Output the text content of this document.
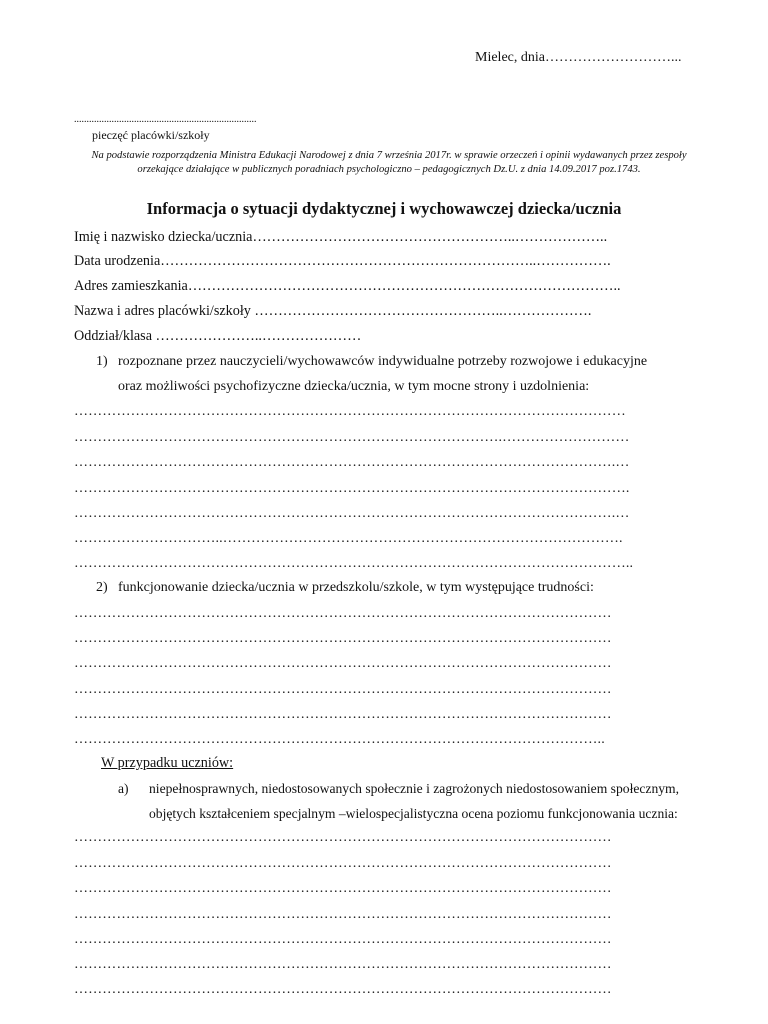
Mielec, dnia………………………...
.........................................................................
pieczęć placówki/szkoły
Na podstawie rozporządzenia Ministra Edukacji Narodowej z dnia 7 września 2017r. w sprawie orzeczeń i opinii wydawanych przez zespoły orzekające działające w publicznych poradniach psychologiczno – pedagogicznych Dz.U. z dnia 14.09.2017 poz.1743.
Informacja o sytuacji dydaktycznej i wychowawczej dziecka/ucznia
Imię i nazwisko dziecka/ucznia………………………………………………..………………..
Data urodzenia……………………………………………………………………..…………….
Adres zamieszkania………………………………………………………………………………..
Nazwa i adres placówki/szkoły ……………………………………………..……………….
Oddział/klasa …………………..…………………
1) rozpoznane przez nauczycieli/wychowawców indywidualne potrzeby rozwojowe i edukacyjne
oraz możliwości psychofizyczne dziecka/ucznia, w tym mocne strony i uzdolnienia:
………………………………………………………………………………………………………
……………………………………………………………………………….………………………
…………………………………………………………………………………………………….…
……………………………………………………………………………………………………….
…………………………………………………………………………………………………….…
…………………………..………………………………………………………………………….
………………………………………………………………………………………………………..
2) funkcjonowanie dziecka/ucznia w przedszkolu/szkole, w tym występujące trudności:
……………………………………………………………………………………………………
……………………………………………………………………………………………………
……………………………………………………………………………………………………
……………………………………………………………………………………………………
……………………………………………………………………………………………………
…………………………………………………………………………………………………..
W przypadku uczniów:
a) niepełnosprawnych, niedostosowanych społecznie i zagrożonych niedostosowaniem społecznym,
objętych kształceniem specjalnym –wielospecjalistyczna ocena poziomu funkcjonowania ucznia:
……………………………………………………………………………………………………
……………………………………………………………………………………………………
……………………………………………………………………………………………………
……………………………………………………………………………………………………
……………………………………………………………………………………………………
……………………………………………………………………………………………………
……………………………………………………………………………………………………
